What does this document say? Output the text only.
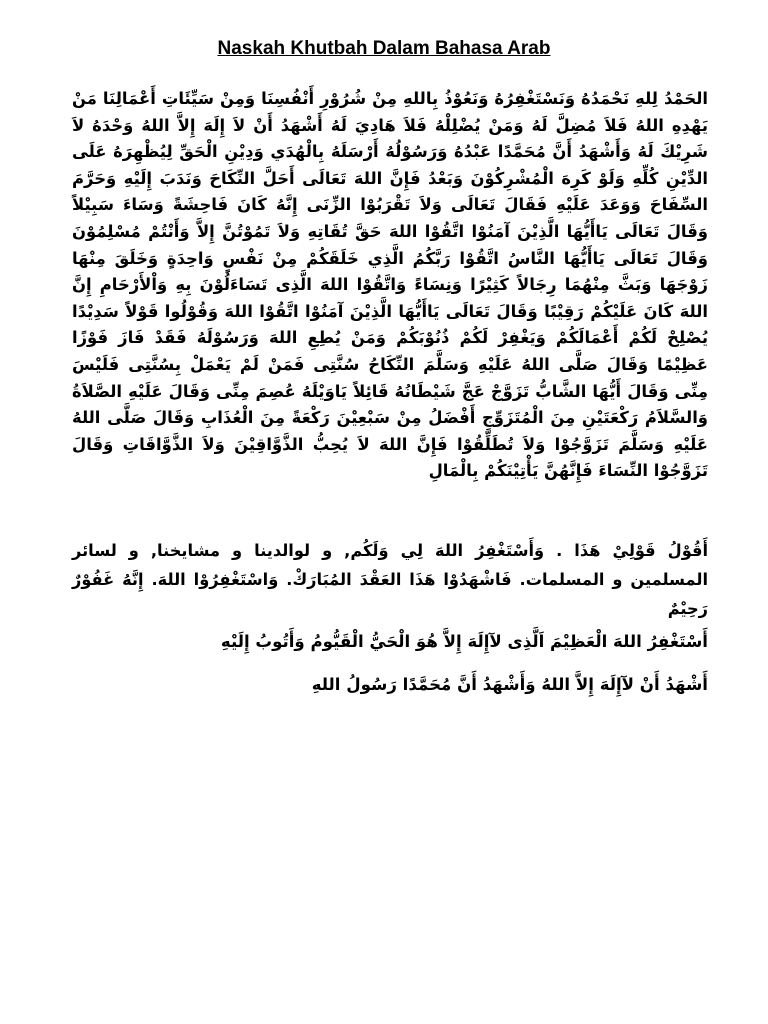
Naskah Khutbah Dalam Bahasa Arab

الحَمْدُ لِلهِ نَحْمَدُهُ وَنَسْتَغْفِرُهُ وَنَعُوْذُ بِاللهِ مِنْ شُرُوْرِ أَنْفُسِنَا وَمِنْ سَيِّئَاتِ أَعْمَالِنَا مَنْ يَهْدِهِ اللهُ فَلاَ مُضِلَّ لَهُ وَمَنْ يُضْلِلْهُ فَلاَ هَادِيَ لَهُ أَشْهَدُ أَنْ لاَ إِلَهَ إِلاَّ اللهُ وَحْدَهُ لاَ شَرِيْكَ لَهُ وَأَشْهَدُ أَنَّ مُحَمَّدًا عَبْدُهُ وَرَسُوْلُهُ أَرْسَلَهُ بِالْهُدَي وَدِيْنِ الْحَقِّ لِيُظْهِرَهُ عَلَى الدِّيْنِ كُلِّهِ وَلَوْ كَرِهَ الْمُشْرِكُوْنَ وَبَعْدُ فَإِنَّ اللهَ تَعَالَى أَحَلَّ النِّكَاحَ وَنَدَبَ إِلَيْهِ وَحَرَّمَ السِّفَاحَ وَوَعَدَ عَلَيْهِ فَقَالَ تَعَالَى وَلاَ تَقْرَبُوْا الزِّنَى إِنَّهُ كَانَ فَاحِشَةً وَسَاءَ سَبِيْلاً وَقَالَ تَعَالَى يَاأَيُّهَا الَّذِيْنَ آمَنُوْا اتَّقُوْا اللهَ حَقَّ تُقَاتِهِ وَلاَ تَمُوْتُنَّ إِلاَّ وَأَنْتُمْ مُسْلِمُوْنَ وَقَالَ تَعَالَى يَاأَيُّهَا النَّاسُ اتَّقُوْا رَبَّكُمُ الَّذِي خَلَقَكُمْ مِنْ نَفْسٍ وَاحِدَةٍ وَخَلَقَ مِنْهَا زَوْجَهَا وَبَثَّ مِنْهُمَا رِجَالاً كَثِيْرًا وَنِسَاءً وَاتَّقُوْا اللهَ الَّذِى تَسَاءَلُوْنَ بِهِ وَاْلأَرْحَامِ إِنَّ اللهَ كَانَ عَلَيْكُمْ رَقِيْبًا وَقَالَ تَعَالَى يَاأَيُّهَا الَّذِيْنَ آمَنُوْا اتَّقُوْا اللهَ وَقُوْلُوا قَوْلاً سَدِيْدًا يُصْلِحْ لَكُمْ أَعْمَالَكُمْ وَيَغْفِرْ لَكُمْ ذُنُوْبَكُمْ وَمَنْ يُطِعِ اللهَ وَرَسُوْلَهُ فَقَدْ فَازَ فَوْزًا عَظِيْمًا وَقَالَ صَلَّى اللهُ عَلَيْهِ وَسَلَّمَ النِّكَاحُ سُنَّتِى فَمَنْ لَمْ يَعْمَلْ بِسُنَّتِى فَلَيْسَ مِنِّى وَقَالَ أَيُّهَا الشَّابُّ تَزَوَّجْ عَجَّ شَيْطَانُهُ قَائِلاً يَاوَيْلَهُ عُصِمَ مِنِّى وَقَالَ عَلَيْهِ الصَّلاَةُ وَالسَّلاَمُ رَكْعَتَيْنِ مِنَ الْمُتَزَوِّجِ أَفْضَلُ مِنْ سَبْعِيْنَ رَكْعَةً مِنَ الْعُذَابِ وَقَالَ صَلَّى اللهُ عَلَيْهِ وَسَلَّمَ تَزَوَّجُوْا وَلاَ تُطَلِّقُوْا فَإِنَّ اللهَ لاَ يُحِبُّ الذَّوَّاقِيْنَ وَلاَ الذَّوَّاقَاتِ وَقَالَ تَزَوَّجُوْا النِّسَاءَ فَإِنَّهُنَّ يَأْتِيْنَكُمْ بِالْمَالِ

أَقُوْلُ قَوْلِيْ هَذَا . وَأَسْتَغْفِرُ اللهَ لِي وَلَكُم, و لوالدينا و مشايخنا, و لسائر المسلمين و المسلمات. فَاشْهَدُوْا هَذَا العَقْدَ المُبَارَكْ. وَاسْتَغْفِرُوْا اللهَ. إِنَّهُ غَفُوْرٌ رَحِيْمٌ

أَسْتَغْفِرُ اللهَ الْعَظِيْمَ اَلَّذِى لآإِلَهَ إِلاَّ هُوَ الْحَيُّ الْقَيُّومُ وَأَتُوبُ إِلَيْهِ

أَشْهَدُ أَنْ لآإِلَهَ إِلاَّ اللهُ وَأَشْهَدُ أَنَّ مُحَمَّدًا رَسُولُ اللهِ
